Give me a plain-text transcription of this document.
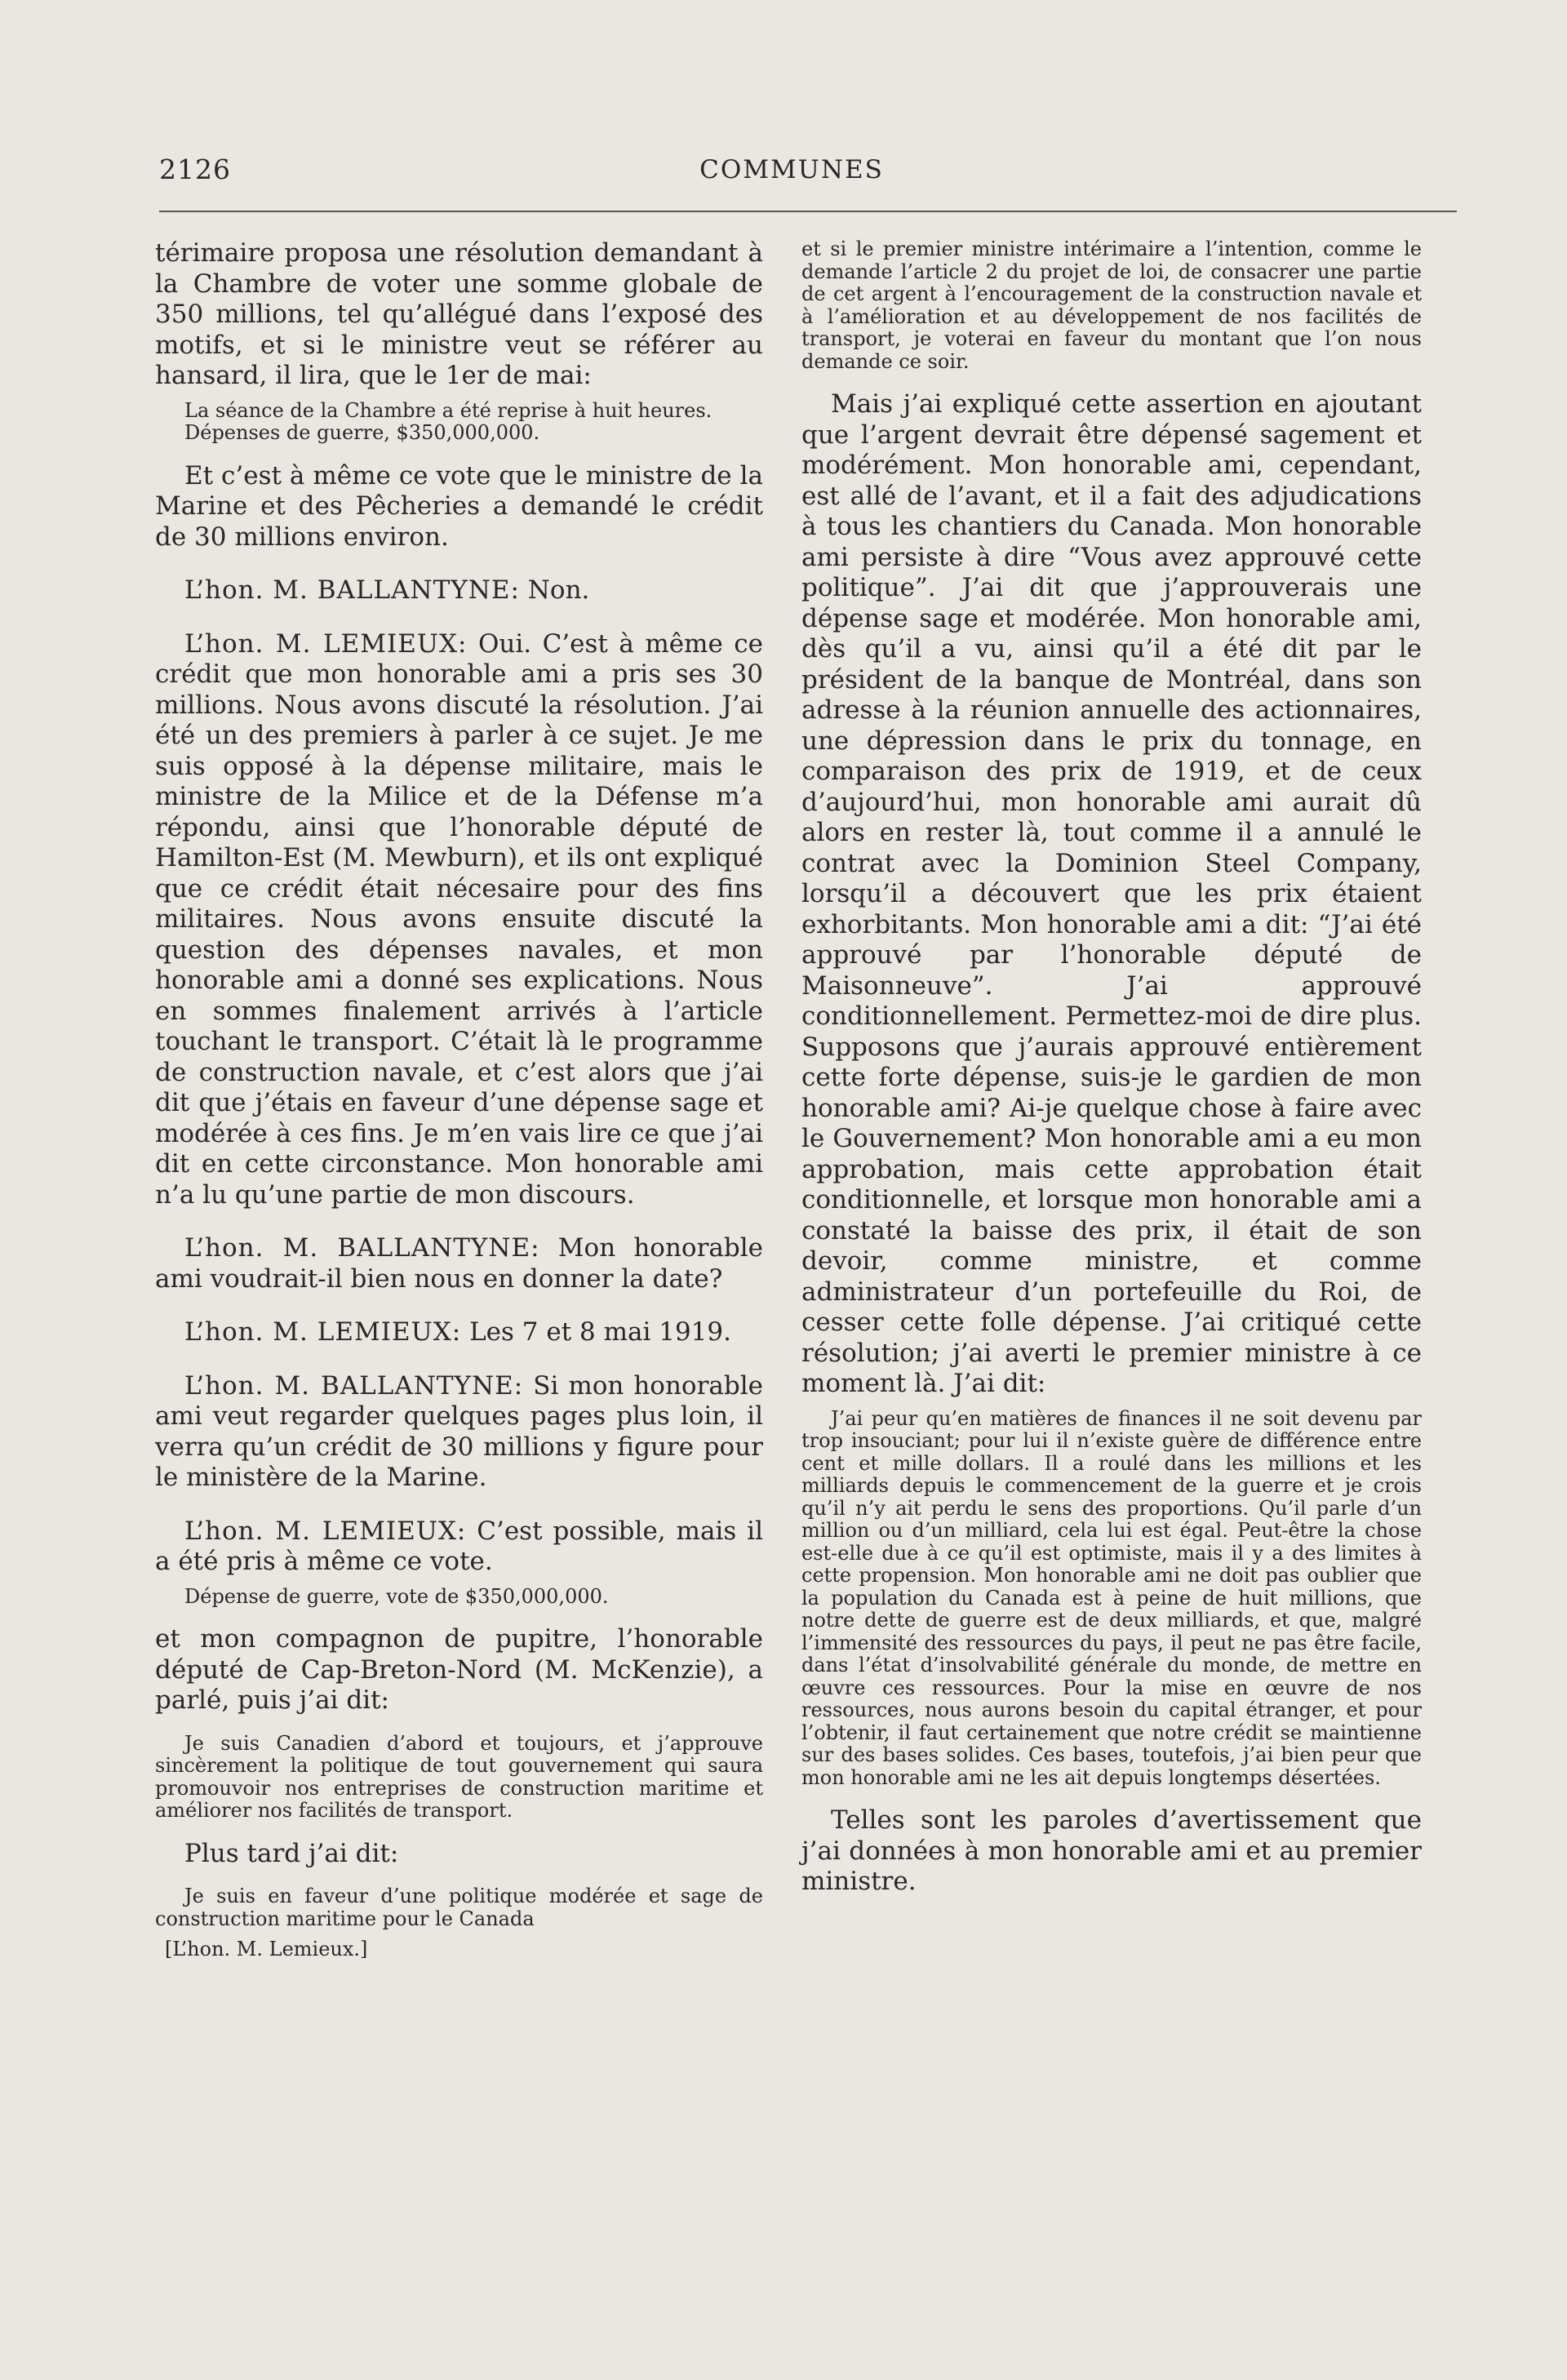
2126	COMMUNES

térimaire proposa une résolution demandant à la Chambre de voter une somme globale de 350 millions, tel qu’allégué dans l’exposé des motifs, et si le ministre veut se référer au hansard, il lira, que le 1er de mai:

La séance de la Chambre a été reprise à huit heures.

Dépenses de guerre, $350,000,000.

Et c’est à même ce vote que le ministre de la Marine et des Pêcheries a demandé le crédit de 30 millions environ.

L’hon. M. BALLANTYNE: Non.

L’hon. M. LEMIEUX: Oui. C’est à même ce crédit que mon honorable ami a pris ses 30 millions. Nous avons discuté la résolution. J’ai été un des premiers à parler à ce sujet. Je me suis opposé à la dépense militaire, mais le ministre de la Milice et de la Défense m’a répondu, ainsi que l’honorable député de Hamilton-Est (M. Mewburn), et ils ont expliqué que ce crédit était nécesaire pour des fins militaires. Nous avons ensuite discuté la question des dépenses navales, et mon honorable ami a donné ses explications. Nous en sommes finalement arrivés à l’article touchant le transport. C’était là le programme de construction navale, et c’est alors que j’ai dit que j’étais en faveur d’une dépense sage et modérée à ces fins. Je m’en vais lire ce que j’ai dit en cette circonstance. Mon honorable ami n’a lu qu’une partie de mon discours.

L’hon. M. BALLANTYNE: Mon honorable ami voudrait-il bien nous en donner la date?

L’hon. M. LEMIEUX: Les 7 et 8 mai 1919.

L’hon. M. BALLANTYNE: Si mon honorable ami veut regarder quelques pages plus loin, il verra qu’un crédit de 30 millions y figure pour le ministère de la Marine.

L’hon. M. LEMIEUX: C’est possible, mais il a été pris à même ce vote.

Dépense de guerre, vote de $350,000,000.

et mon compagnon de pupitre, l’honorable député de Cap-Breton-Nord (M. McKenzie), a parlé, puis j’ai dit:

Je suis Canadien d’abord et toujours, et j’approuve sincèrement la politique de tout gouvernement qui saura promouvoir nos entreprises de construction maritime et améliorer nos facilités de transport.

Plus tard j’ai dit:

Je suis en faveur d’une politique modérée et sage de construction maritime pour le Canada

[L’hon. M. Lemieux.]

et si le premier ministre intérimaire a l’intention, comme le demande l’article 2 du projet de loi, de consacrer une partie de cet argent à l’encouragement de la construction navale et à l’amélioration et au développement de nos facilités de transport, je voterai en faveur du montant que l’on nous demande ce soir.

Mais j’ai expliqué cette assertion en ajoutant que l’argent devrait être dépensé sagement et modérément. Mon honorable ami, cependant, est allé de l’avant, et il a fait des adjudications à tous les chantiers du Canada. Mon honorable ami persiste à dire “Vous avez approuvé cette politique”. J’ai dit que j’approuverais une dépense sage et modérée. Mon honorable ami, dès qu’il a vu, ainsi qu’il a été dit par le président de la banque de Montréal, dans son adresse à la réunion annuelle des actionnaires, une dépression dans le prix du tonnage, en comparaison des prix de 1919, et de ceux d’aujourd’hui, mon honorable ami aurait dû alors en rester là, tout comme il a annulé le contrat avec la Dominion Steel Company, lorsqu’il a découvert que les prix étaient exhorbitants. Mon honorable ami a dit: “J’ai été approuvé par l’honorable député de Maisonneuve”. J’ai approuvé conditionnellement. Permettez-moi de dire plus. Supposons que j’aurais approuvé entièrement cette forte dépense, suis-je le gardien de mon honorable ami? Ai-je quelque chose à faire avec le Gouvernement? Mon honorable ami a eu mon approbation, mais cette approbation était conditionnelle, et lorsque mon honorable ami a constaté la baisse des prix, il était de son devoir, comme ministre, et comme administrateur d’un portefeuille du Roi, de cesser cette folle dépense. J’ai critiqué cette résolution; j’ai averti le premier ministre à ce moment là. J’ai dit:

J’ai peur qu’en matières de finances il ne soit devenu par trop insouciant; pour lui il n’existe guère de différence entre cent et mille dollars. Il a roulé dans les millions et les milliards depuis le commencement de la guerre et je crois qu’il n’y ait perdu le sens des proportions. Qu’il parle d’un million ou d’un milliard, cela lui est égal. Peut-être la chose est-elle due à ce qu’il est optimiste, mais il y a des limites à cette propension. Mon honorable ami ne doit pas oublier que la population du Canada est à peine de huit millions, que notre dette de guerre est de deux milliards, et que, malgré l’immensité des ressources du pays, il peut ne pas être facile, dans l’état d’insolvabilité générale du monde, de mettre en œuvre ces ressources. Pour la mise en œuvre de nos ressources, nous aurons besoin du capital étranger, et pour l’obtenir, il faut certainement que notre crédit se maintienne sur des bases solides. Ces bases, toutefois, j’ai bien peur que mon honorable ami ne les ait depuis longtemps désertées.

Telles sont les paroles d’avertissement que j’ai données à mon honorable ami et au premier ministre.
